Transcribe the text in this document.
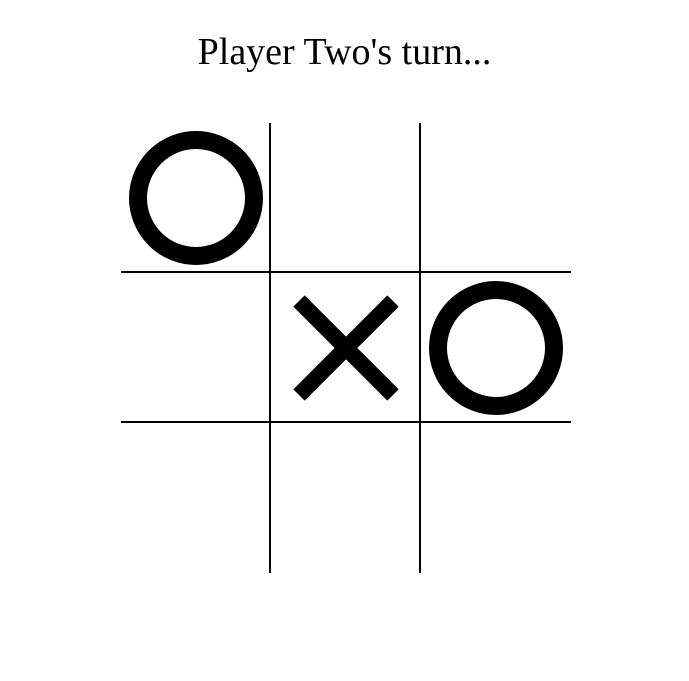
Player Two's turn...
